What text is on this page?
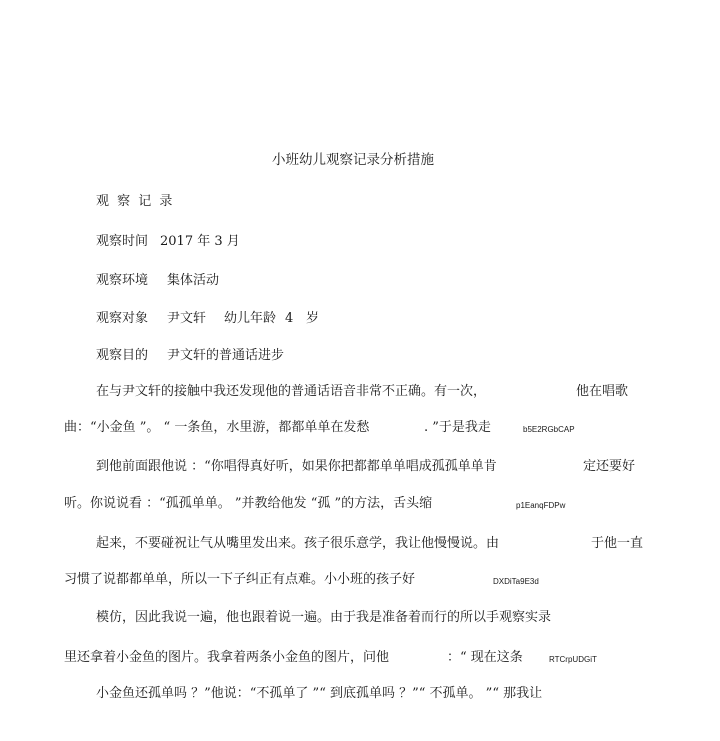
小班幼儿观察记录分析措施
观 察 记 录
观察时间 2017 年 3 月
观察环境 集体活动
观察对象 尹文轩 幼儿年龄 4 岁
观察目的 尹文轩的普通话进步
在与尹文轩的接触中我还发现他的普通话语音非常不正确。有一次，	他在唱歌
曲：“小金鱼 ”。 “ 一条鱼，水里游，都都单单在发愁	. ”于是我走	b5E2RGbCAP
到他前面跟他说 ：“你唱得真好听，如果你把都都单单唱成孤孤单单肯	定还要好
听。你说说看 ：“孤孤单单。 ”并教给他发 “孤 ”的方法，舌头缩	p1EanqFDPw
起来，不要碰祝让气从嘴里发出来。孩子很乐意学，我让他慢慢说。由	于他一直
习惯了说都都单单，所以一下子纠正有点难。小小班的孩子好	DXDiTa9E3d
模仿，因此我说一遍，他也跟着说一遍。由于我是准备着而行的所以手观察实录
里还拿着小金鱼的图片。我拿着两条小金鱼的图片，问他	：“ 现在这条	RTCrpUDGiT
小金鱼还孤单吗 ？”他说：“不孤单了 ”“ 到底孤单吗 ？”“ 不孤单。 ”“ 那我让
